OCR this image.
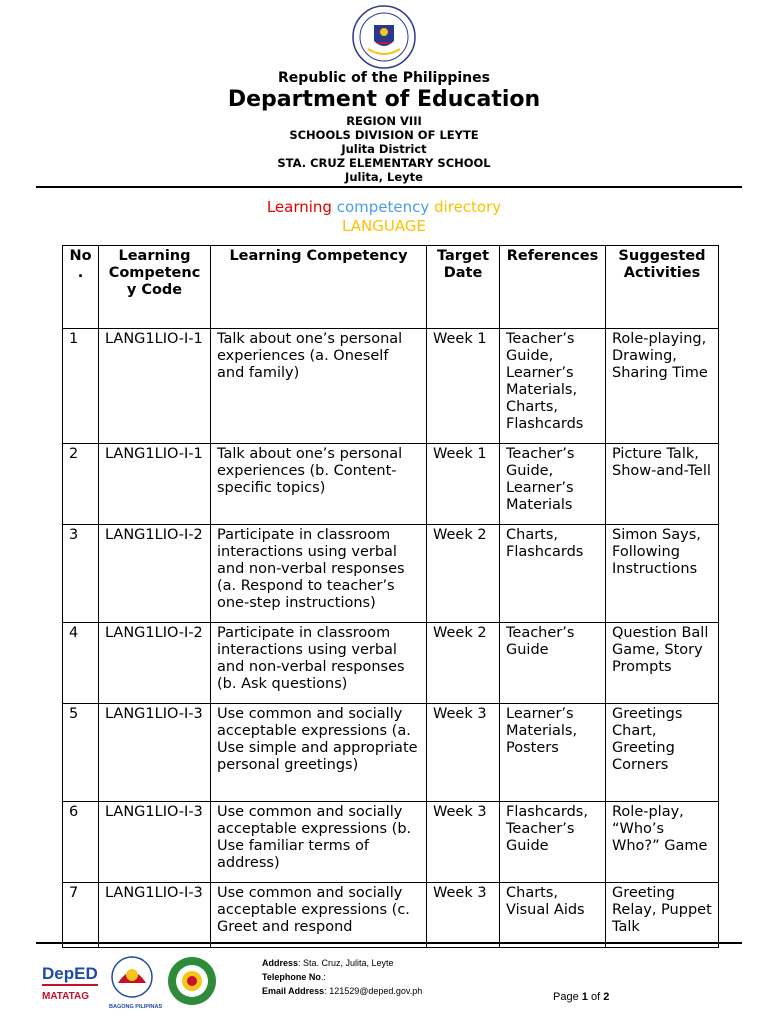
Republic of the Philippines
Department of Education
REGION VIII
SCHOOLS DIVISION OF LEYTE
Julita District
STA. CRUZ ELEMENTARY SCHOOL
Julita, Leyte
Learning competency directory
LANGUAGE
No.	Learning Competency Code	Learning Competency	Target Date	References	Suggested Activities
1	LANG1LIO-I-1	Talk about one’s personal experiences (a. Oneself and family)	Week 1	Teacher’s Guide, Learner’s Materials, Charts, Flashcards	Role-playing, Drawing, Sharing Time
2	LANG1LIO-I-1	Talk about one’s personal experiences (b. Content-specific topics)	Week 1	Teacher’s Guide, Learner’s Materials	Picture Talk, Show-and-Tell
3	LANG1LIO-I-2	Participate in classroom interactions using verbal and non-verbal responses (a. Respond to teacher’s one-step instructions)	Week 2	Charts, Flashcards	Simon Says, Following Instructions
4	LANG1LIO-I-2	Participate in classroom interactions using verbal and non-verbal responses (b. Ask questions)	Week 2	Teacher’s Guide	Question Ball Game, Story Prompts
5	LANG1LIO-I-3	Use common and socially acceptable expressions (a. Use simple and appropriate personal greetings)	Week 3	Learner’s Materials, Posters	Greetings Chart, Greeting Corners
6	LANG1LIO-I-3	Use common and socially acceptable expressions (b. Use familiar terms of address)	Week 3	Flashcards, Teacher’s Guide	Role-play, “Who’s Who?” Game
7	LANG1LIO-I-3	Use common and socially acceptable expressions (c. Greet and respond	Week 3	Charts, Visual Aids	Greeting Relay, Puppet Talk
DepED
MATATAG
BAGONG PILIPINAS
Address: Sta. Cruz, Julita, Leyte
Telephone No.:
Email Address: 121529@deped.gov.ph	Page 1 of 2
